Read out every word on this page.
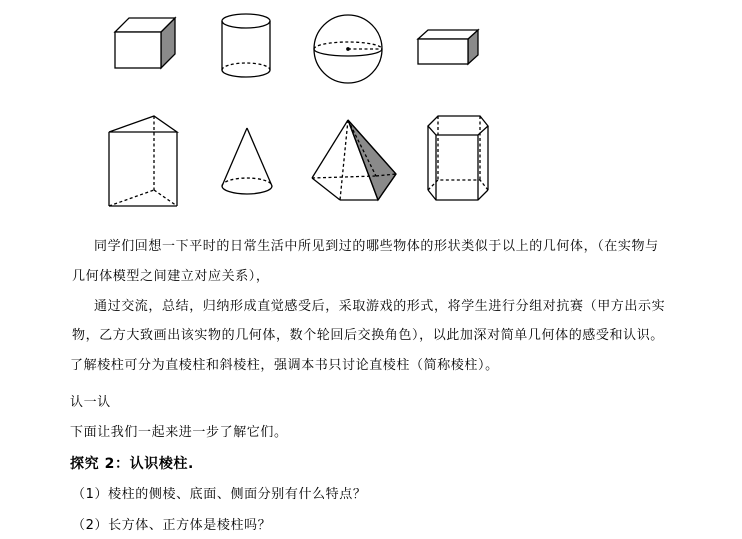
同学们回想一下平时的日常生活中所见到过的哪些物体的形状类似于以上的几何体，（在实物与
几何体模型之间建立对应关系），
通过交流，总结，归纳形成直觉感受后，采取游戏的形式，将学生进行分组对抗赛（甲方出示实
物，乙方大致画出该实物的几何体，数个轮回后交换角色），以此加深对简单几何体的感受和认识。
了解棱柱可分为直棱柱和斜棱柱，强调本书只讨论直棱柱（简称棱柱）。
认一认
下面让我们一起来进一步了解它们。
探究 2：认识棱柱.
（1）棱柱的侧棱、底面、侧面分别有什么特点？
（2）长方体、正方体是棱柱吗？
